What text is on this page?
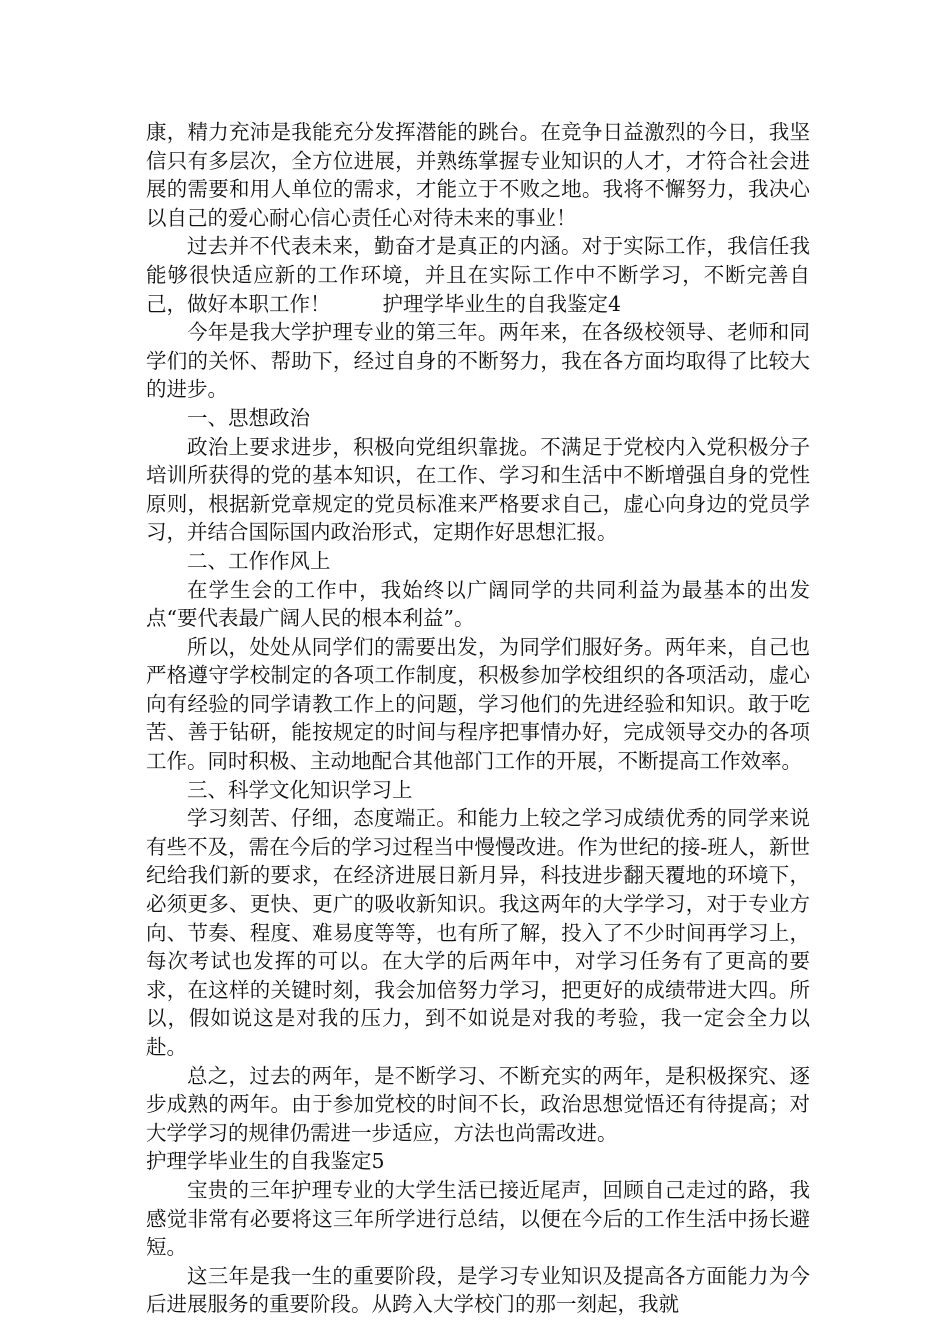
康，精力充沛是我能充分发挥潜能的跳台。在竞争日益激烈的今日，我坚信只有多层次，全方位进展，并熟练掌握专业知识的人才，才符合社会进展的需要和用人单位的需求，才能立于不败之地。我将不懈努力，我决心以自己的爱心耐心信心责任心对待未来的事业！

过去并不代表未来，勤奋才是真正的内涵。对于实际工作，我信任我能够很快适应新的工作环境，并且在实际工作中不断学习，不断完善自己，做好本职工作！	护理学毕业生的自我鉴定4

今年是我大学护理专业的第三年。两年来，在各级校领导、老师和同学们的关怀、帮助下，经过自身的不断努力，我在各方面均取得了比较大的进步。

一、思想政治

政治上要求进步，积极向党组织靠拢。不满足于党校内入党积极分子培训所获得的党的基本知识，在工作、学习和生活中不断增强自身的党性原则，根据新党章规定的党员标准来严格要求自己，虚心向身边的党员学习，并结合国际国内政治形式，定期作好思想汇报。

二、工作作风上

在学生会的工作中，我始终以广阔同学的共同利益为最基本的出发点“要代表最广阔人民的根本利益”。

所以，处处从同学们的需要出发，为同学们服好务。两年来，自己也严格遵守学校制定的各项工作制度，积极参加学校组织的各项活动，虚心向有经验的同学请教工作上的问题，学习他们的先进经验和知识。敢于吃苦、善于钻研，能按规定的时间与程序把事情办好，完成领导交办的各项工作。同时积极、主动地配合其他部门工作的开展，不断提高工作效率。

三、科学文化知识学习上

学习刻苦、仔细，态度端正。和能力上较之学习成绩优秀的同学来说有些不及，需在今后的学习过程当中慢慢改进。作为世纪的接-班人，新世纪给我们新的要求，在经济进展日新月异，科技进步翻天覆地的环境下，必须更多、更快、更广的吸收新知识。我这两年的大学学习，对于专业方向、节奏、程度、难易度等等，也有所了解，投入了不少时间再学习上，每次考试也发挥的可以。在大学的后两年中，对学习任务有了更高的要求，在这样的关键时刻，我会加倍努力学习，把更好的成绩带进大四。所以，假如说这是对我的压力，到不如说是对我的考验，我一定会全力以赴。

总之，过去的两年，是不断学习、不断充实的两年，是积极探究、逐步成熟的两年。由于参加党校的时间不长，政治思想觉悟还有待提高；对大学学习的规律仍需进一步适应，方法也尚需改进。

护理学毕业生的自我鉴定5

宝贵的三年护理专业的大学生活已接近尾声，回顾自己走过的路，我感觉非常有必要将这三年所学进行总结，以便在今后的工作生活中扬长避短。

这三年是我一生的重要阶段，是学习专业知识及提高各方面能力为今后进展服务的重要阶段。从跨入大学校门的那一刻起，我就
